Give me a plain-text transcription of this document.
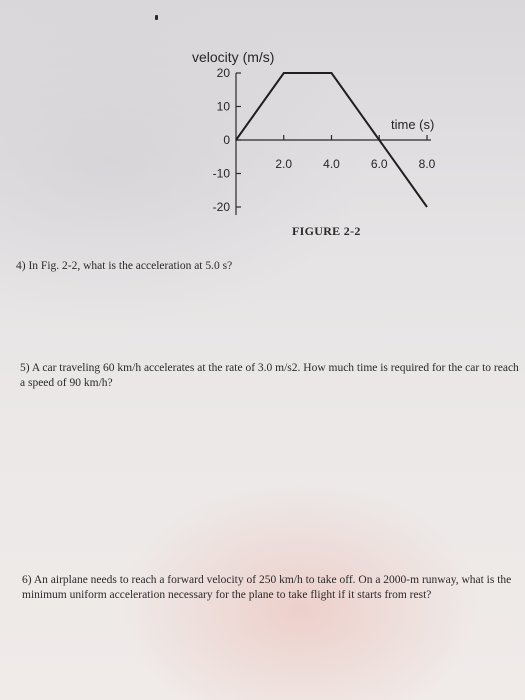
velocity (m/s)
time (s)
20
10
0
-10
-20
2.0	4.0	6.0	8.0
FIGURE 2-2
4) In Fig. 2-2, what is the acceleration at 5.0 s?
5) A car traveling 60 km/h accelerates at the rate of 3.0 m/s2. How much time is required for the car to reach a speed of 90 km/h?
6) An airplane needs to reach a forward velocity of 250 km/h to take off. On a 2000-m runway, what is the minimum uniform acceleration necessary for the plane to take flight if it starts from rest?
